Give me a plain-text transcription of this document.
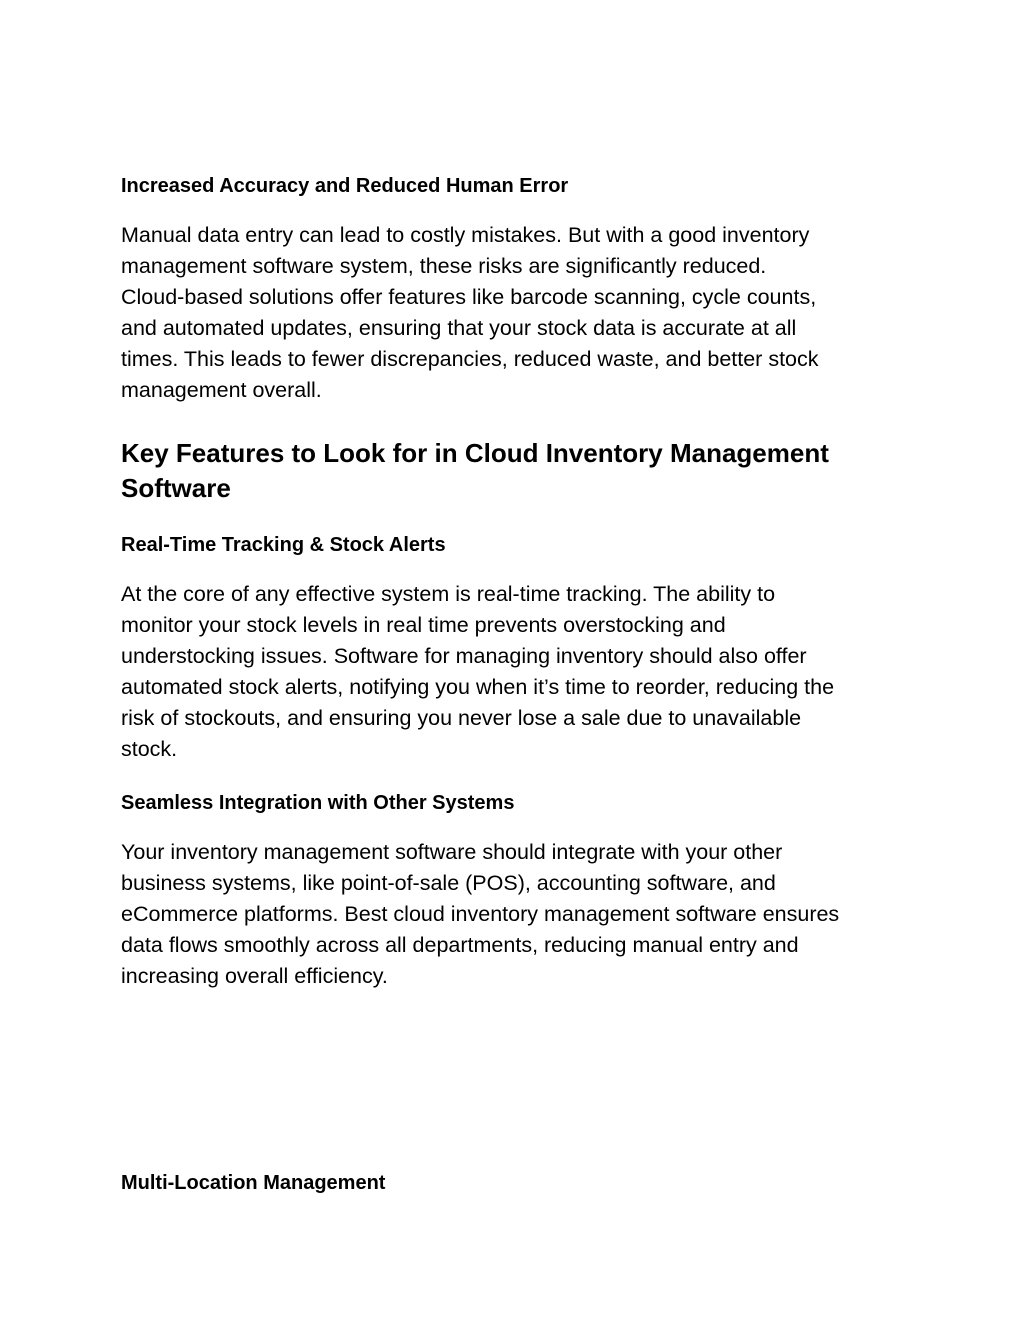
Increased Accuracy and Reduced Human Error

Manual data entry can lead to costly mistakes. But with a good inventory
management software system, these risks are significantly reduced.
Cloud-based solutions offer features like barcode scanning, cycle counts,
and automated updates, ensuring that your stock data is accurate at all
times. This leads to fewer discrepancies, reduced waste, and better stock
management overall.

Key Features to Look for in Cloud Inventory Management
Software
Real-Time Tracking & Stock Alerts

At the core of any effective system is real-time tracking. The ability to
monitor your stock levels in real time prevents overstocking and
understocking issues. Software for managing inventory should also offer
automated stock alerts, notifying you when it’s time to reorder, reducing the
risk of stockouts, and ensuring you never lose a sale due to unavailable
stock.

Seamless Integration with Other Systems

Your inventory management software should integrate with your other
business systems, like point-of-sale (POS), accounting software, and
eCommerce platforms. Best cloud inventory management software ensures
data flows smoothly across all departments, reducing manual entry and
increasing overall efficiency.

Multi-Location Management
